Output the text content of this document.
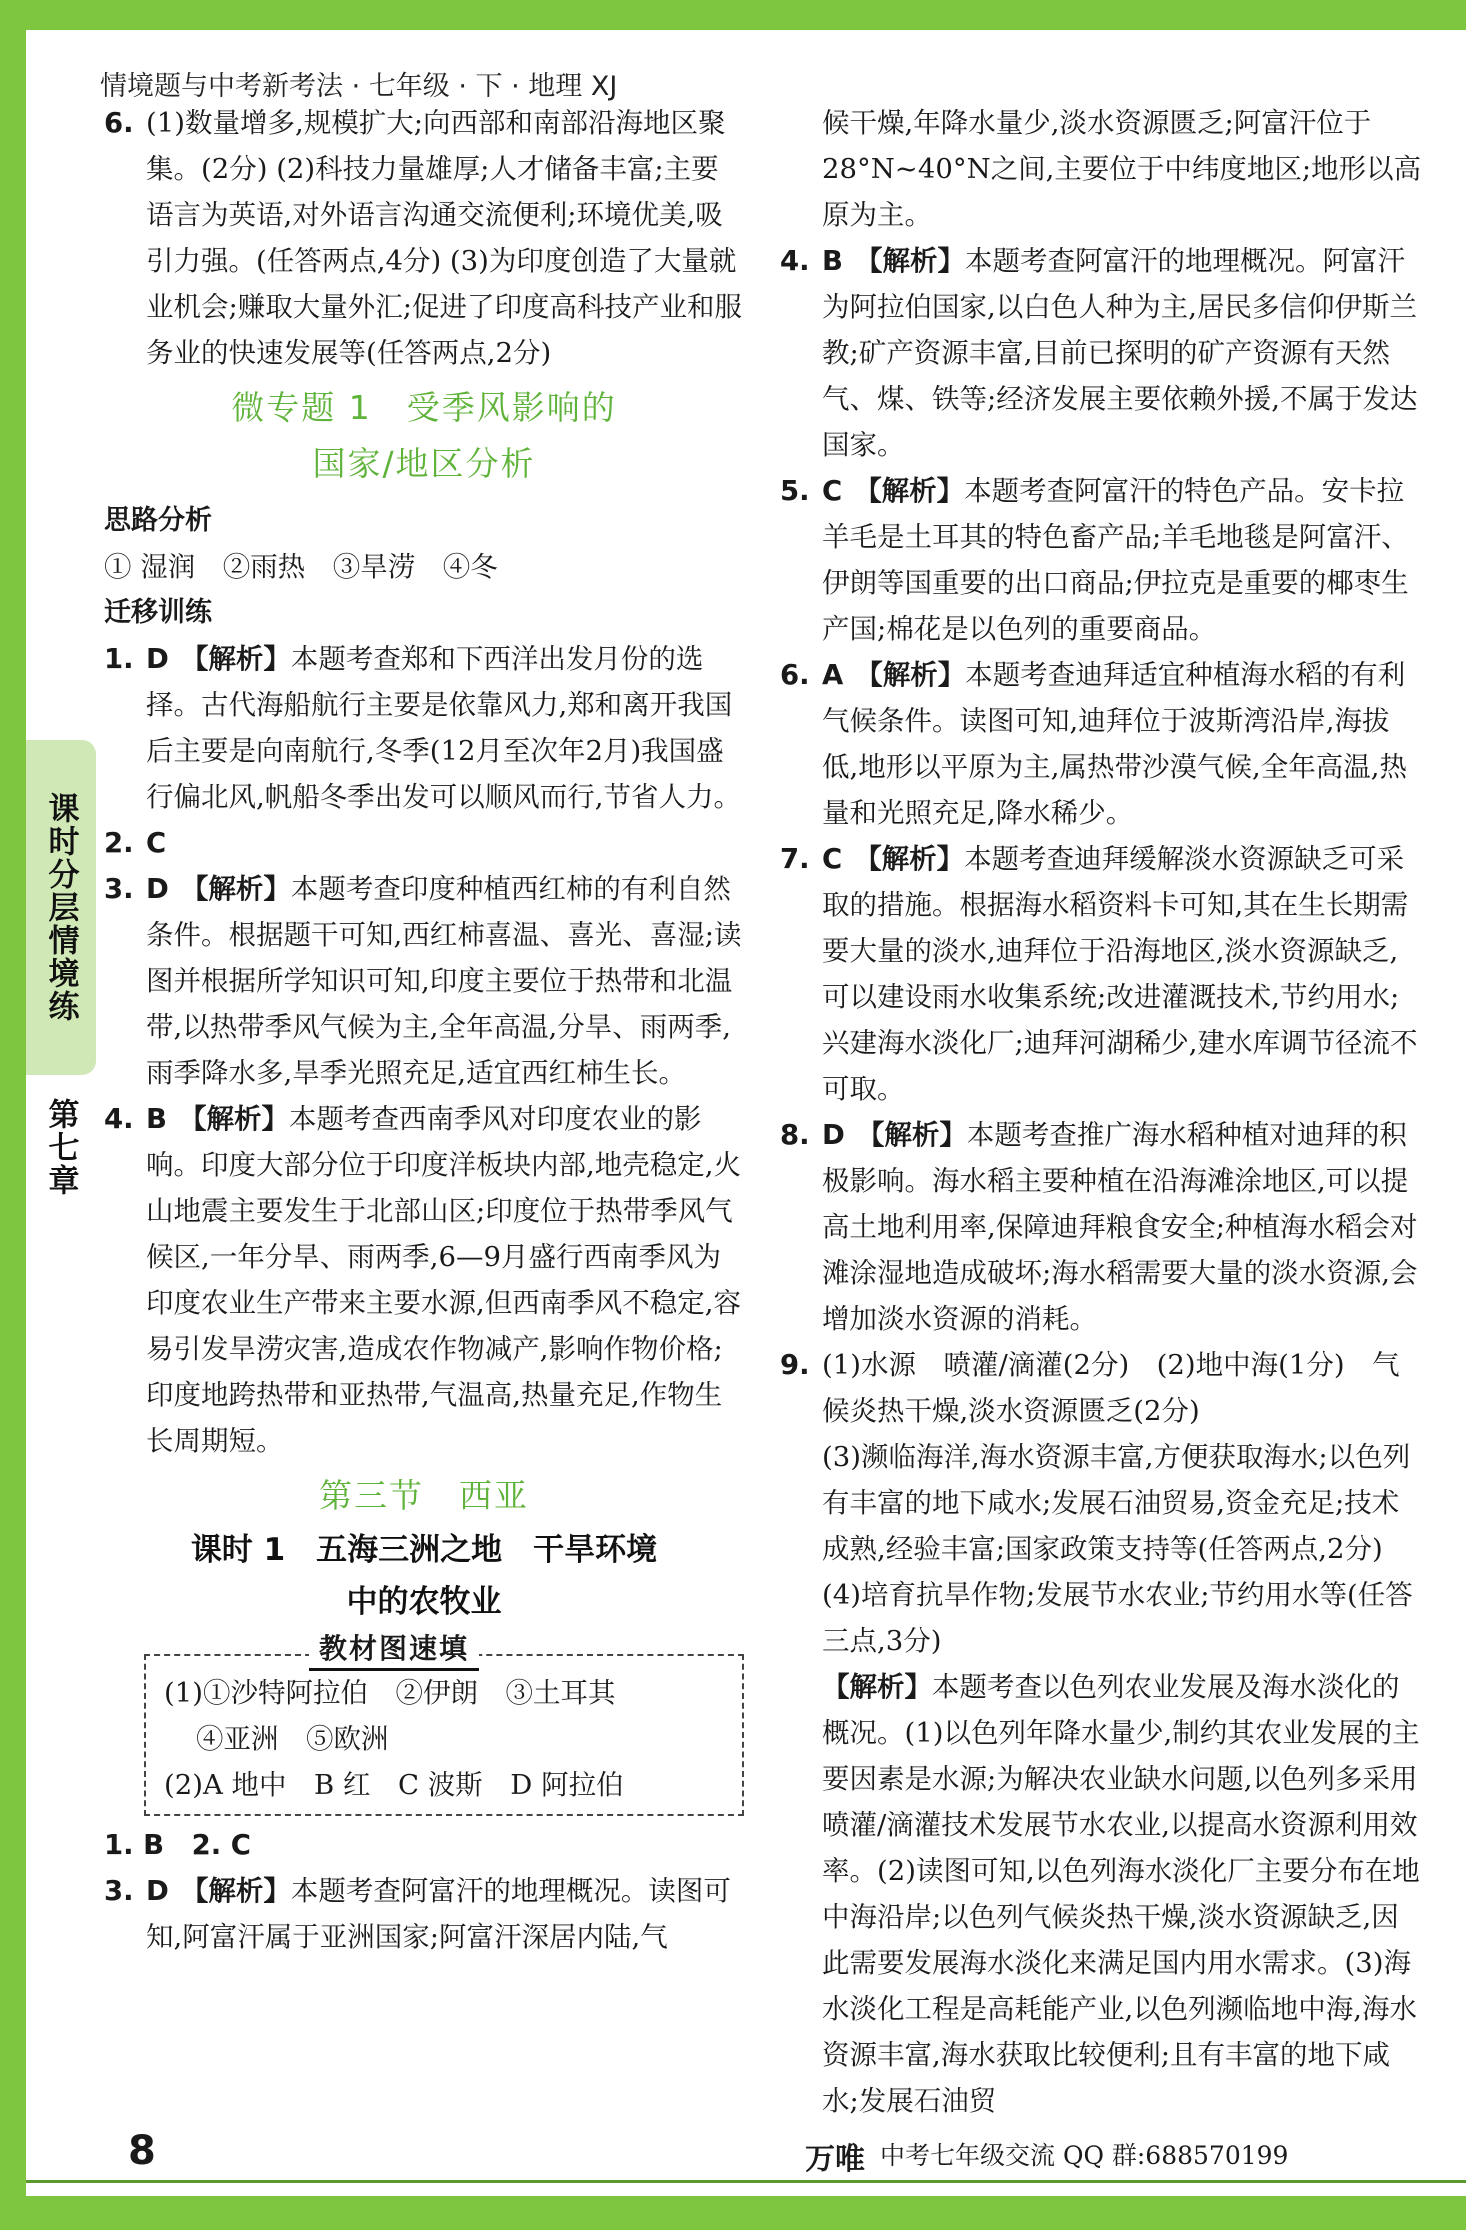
情境题与中考新考法 · 七年级 · 下 · 地理 XJ
课时分层情境练
第七章
6. (1)数量增多,规模扩大;向西部和南部沿海地区聚集。(2分) (2)科技力量雄厚;人才储备丰富;主要语言为英语,对外语言沟通交流便利;环境优美,吸引力强。(任答两点,4分) (3)为印度创造了大量就业机会;赚取大量外汇;促进了印度高科技产业和服务业的快速发展等(任答两点,2分)

微专题 1　受季风影响的

国家/地区分析

思路分析

① 湿润　②雨热　③旱涝　④冬

迁移训练

1. D 【解析】本题考查郑和下西洋出发月份的选择。古代海船航行主要是依靠风力,郑和离开我国后主要是向南航行,冬季(12月至次年2月)我国盛行偏北风,帆船冬季出发可以顺风而行,节省人力。
2. C
3. D 【解析】本题考查印度种植西红柿的有利自然条件。根据题干可知,西红柿喜温、喜光、喜湿;读图并根据所学知识可知,印度主要位于热带和北温带,以热带季风气候为主,全年高温,分旱、雨两季,雨季降水多,旱季光照充足,适宜西红柿生长。
4. B 【解析】本题考查西南季风对印度农业的影响。印度大部分位于印度洋板块内部,地壳稳定,火山地震主要发生于北部山区;印度位于热带季风气候区,一年分旱、雨两季,6—9月盛行西南季风为印度农业生产带来主要水源,但西南季风不稳定,容易引发旱涝灾害,造成农作物减产,影响作物价格;印度地跨热带和亚热带,气温高,热量充足,作物生长周期短。

第三节　西亚

课时 1　五海三洲之地　干旱环境

中的农牧业

教材图速填

(1)①沙特阿拉伯　②伊朗　③土耳其

④亚洲　⑤欧洲

(2)A 地中　B 红　C 波斯　D 阿拉伯

1. B　2. C

3. D 【解析】本题考查阿富汗的地理概况。读图可知,阿富汗属于亚洲国家;阿富汗深居内陆,气

候干燥,年降水量少,淡水资源匮乏;阿富汗位于28°N~40°N之间,主要位于中纬度地区;地形以高原为主。

4. B 【解析】本题考查阿富汗的地理概况。阿富汗为阿拉伯国家,以白色人种为主,居民多信仰伊斯兰教;矿产资源丰富,目前已探明的矿产资源有天然气、煤、铁等;经济发展主要依赖外援,不属于发达国家。
5. C 【解析】本题考查阿富汗的特色产品。安卡拉羊毛是土耳其的特色畜产品;羊毛地毯是阿富汗、伊朗等国重要的出口商品;伊拉克是重要的椰枣生产国;棉花是以色列的重要商品。
6. A 【解析】本题考查迪拜适宜种植海水稻的有利气候条件。读图可知,迪拜位于波斯湾沿岸,海拔低,地形以平原为主,属热带沙漠气候,全年高温,热量和光照充足,降水稀少。
7. C 【解析】本题考查迪拜缓解淡水资源缺乏可采取的措施。根据海水稻资料卡可知,其在生长期需要大量的淡水,迪拜位于沿海地区,淡水资源缺乏,可以建设雨水收集系统;改进灌溉技术,节约用水;兴建海水淡化厂;迪拜河湖稀少,建水库调节径流不可取。
8. D 【解析】本题考查推广海水稻种植对迪拜的积极影响。海水稻主要种植在沿海滩涂地区,可以提高土地利用率,保障迪拜粮食安全;种植海水稻会对滩涂湿地造成破坏;海水稻需要大量的淡水资源,会增加淡水资源的消耗。
9. (1)水源　喷灌/滴灌(2分)　(2)地中海(1分)　气候炎热干燥,淡水资源匮乏(2分)

(3)濒临海洋,海水资源丰富,方便获取海水;以色列有丰富的地下咸水;发展石油贸易,资金充足;技术成熟,经验丰富;国家政策支持等(任答两点,2分)　(4)培育抗旱作物;发展节水农业;节约用水等(任答三点,3分)

【解析】本题考查以色列农业发展及海水淡化的概况。(1)以色列年降水量少,制约其农业发展的主要因素是水源;为解决农业缺水问题,以色列多采用喷灌/滴灌技术发展节水农业,以提高水资源利用效率。(2)读图可知,以色列海水淡化厂主要分布在地中海沿岸;以色列气候炎热干燥,淡水资源缺乏,因此需要发展海水淡化来满足国内用水需求。(3)海水淡化工程是高耗能产业,以色列濒临地中海,海水资源丰富,海水获取比较便利;且有丰富的地下咸水;发展石油贸

8	万唯 中考七年级交流 QQ 群:688570199
